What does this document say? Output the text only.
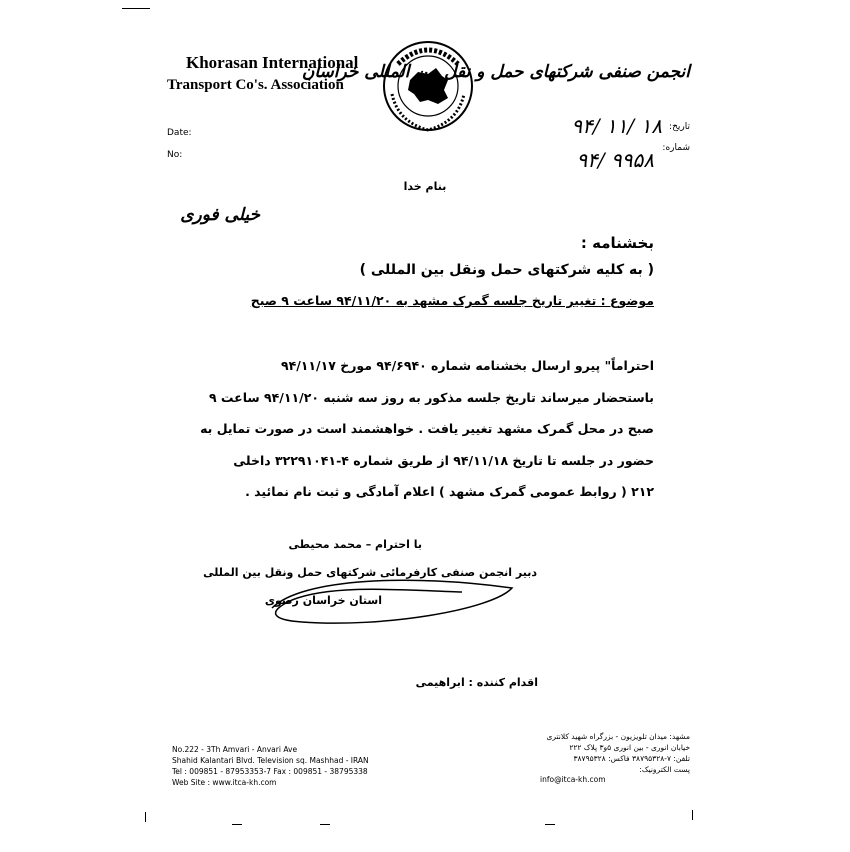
Khorasan International
Transport Co's. Association
انجمن صنفی شرکتهای حمل و نقل بین المللی خراسان
Date:
No:
تاریخ:
شماره:
۹۴/ ۱۱/ ۱۸
۹۴/ ۹۹۵۸
بنام خدا
خیلی فوری
بخشنامه :
( به کلیه شرکتهای حمل ونقل بین المللی )
موضوع : تغییر تاریخ جلسه گمرک مشهد به ۹۴/۱۱/۲۰ ساعت ۹ صبح
احتراماً" پیرو ارسال بخشنامه شماره ۹۴/۶۹۴۰ مورخ ۹۴/۱۱/۱۷
باستحضار میرساند تاریخ جلسه مذکور به روز سه شنبه ۹۴/۱۱/۲۰ ساعت ۹
صبح در محل گمرک مشهد تغییر یافت . خواهشمند است در صورت تمایل به
حضور در جلسه تا تاریخ ۹۴/۱۱/۱۸ از طریق شماره ۴-۳۲۲۹۱۰۴۱ داخلی
۲۱۲ ( روابط عمومی گمرک مشهد ) اعلام آمادگی و ثبت نام نمائید .
با احترام – محمد محیطی
دبیر انجمن صنفی کارفرمائی شرکتهای حمل ونقل بین المللی
استان خراسان رضوی
اقدام کننده : ابراهیمی
No.222 - 3Th Amvari - Anvari Ave
Shahid Kalantari Blvd. Television sq. Mashhad - IRAN
Tel : 009851 - 87953353-7 Fax : 009851 - 38795338
Web Site : www.itca-kh.com
مشهد: میدان تلویزیون - بزرگراه شهید کلانتری
خیابان انوری - بین انوری ۵و۳ پلاک ۲۲۲
تلفن: ۷-۳۸۷۹۵۳۲۸ فاکس: ۳۸۷۹۵۳۲۸
پست الکترونیک:
info@itca-kh.com
